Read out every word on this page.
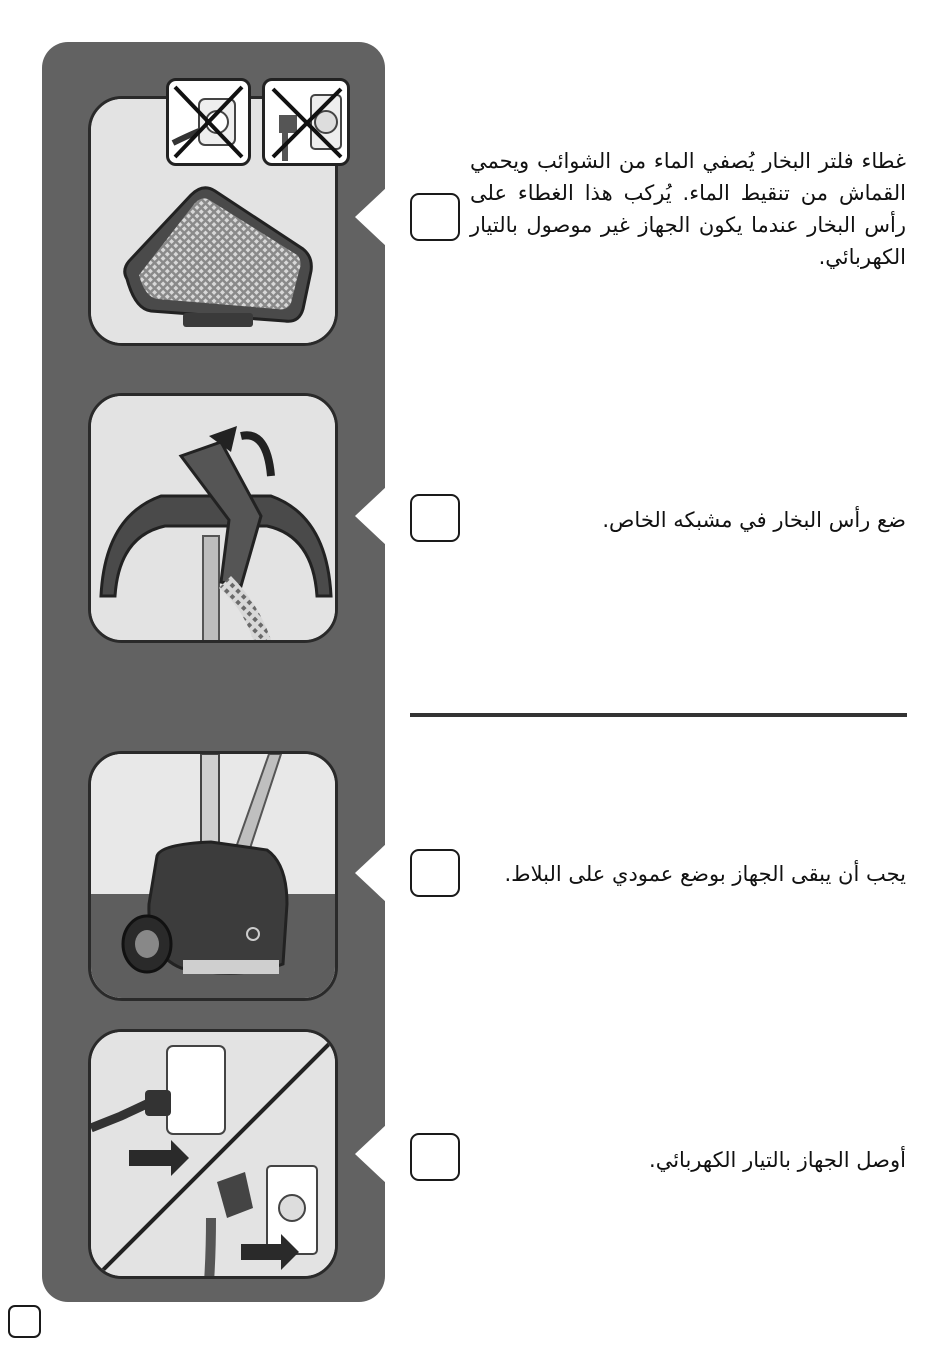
غطاء فلتر البخار يُصفي الماء من الشوائب ويحمي القماش من تنقيط الماء. يُركب هذا الغطاء على رأس البخار عندما يكون الجهاز غير موصول بالتيار الكهربائي.
ضع رأس البخار في مشبكه الخاص.
يجب أن يبقى الجهاز بوضع عمودي على البلاط.
أوصل الجهاز بالتيار الكهربائي.
